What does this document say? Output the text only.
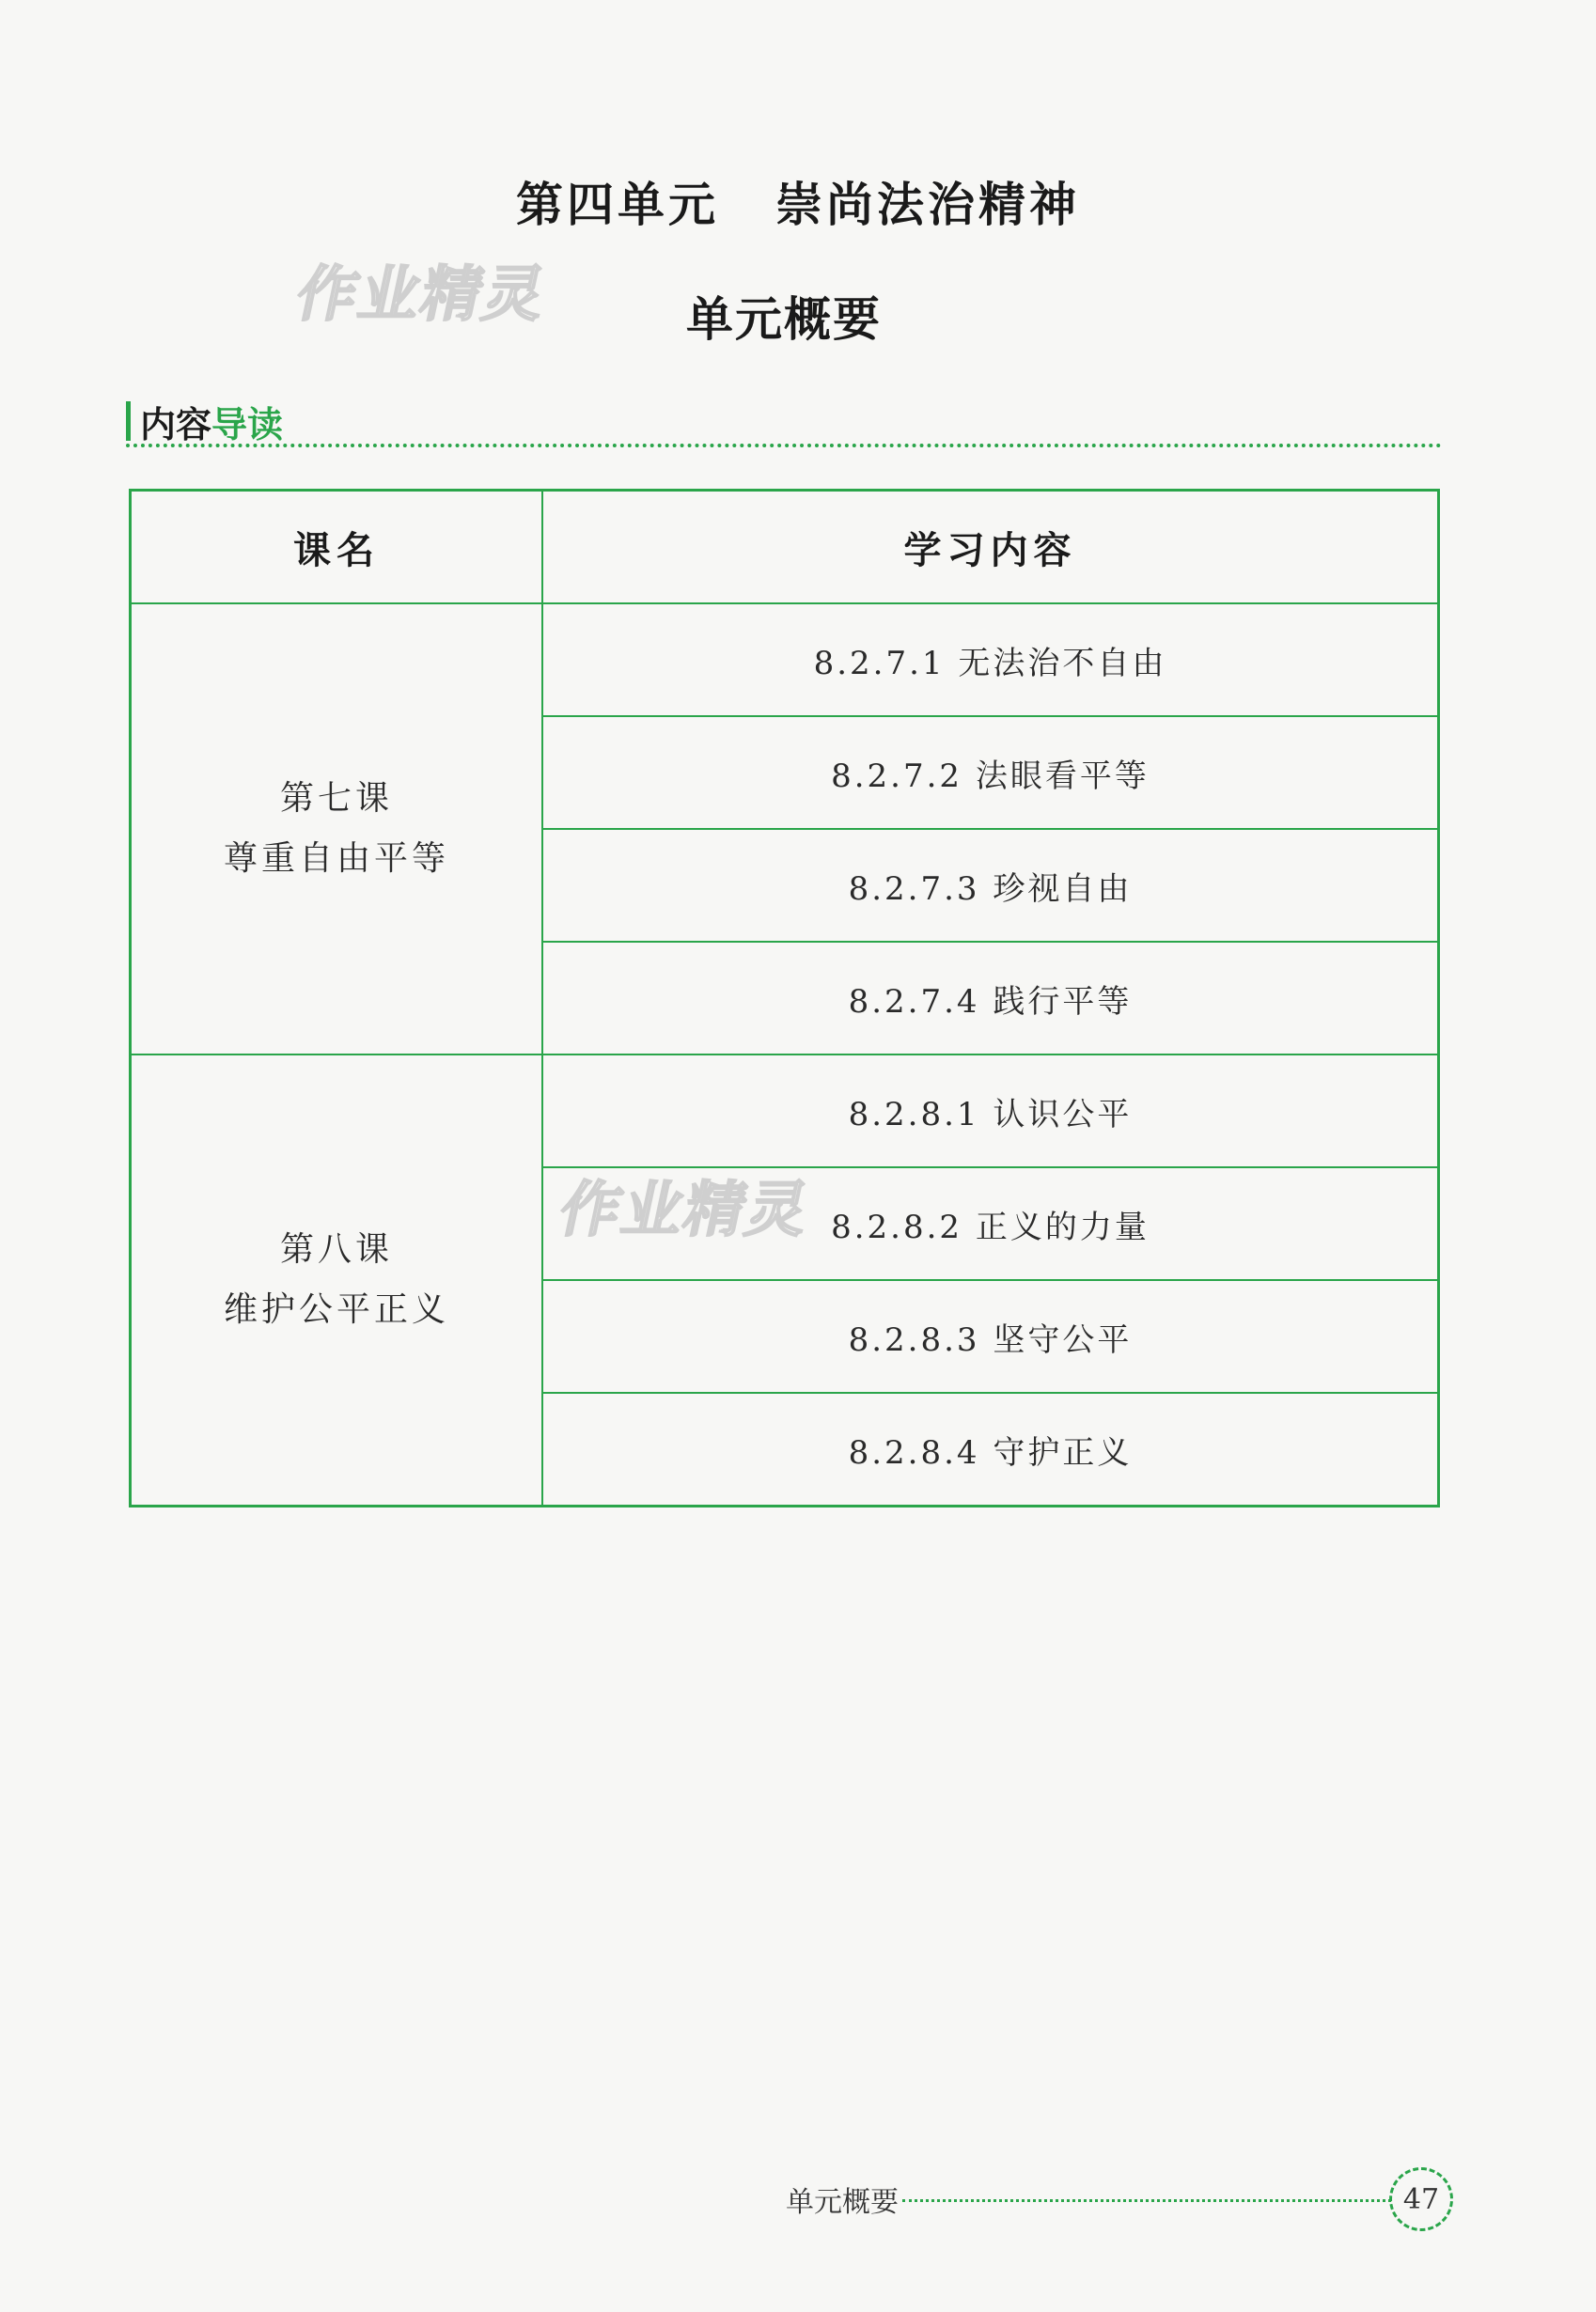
第四单元 崇尚法治精神
作业精灵	单元概要
内容 导读
课名	学习内容

第七课
尊重自由平等	8.2.7.1 无法治不自由
	8.2.7.2 法眼看平等
	8.2.7.3 珍视自由
	8.2.7.4 践行平等

第八课
维护公平正义	8.2.8.1 认识公平
	8.2.8.2 正义的力量
	8.2.8.3 坚守公平
	8.2.8.4 守护正义
作业精灵
单元概要	47
